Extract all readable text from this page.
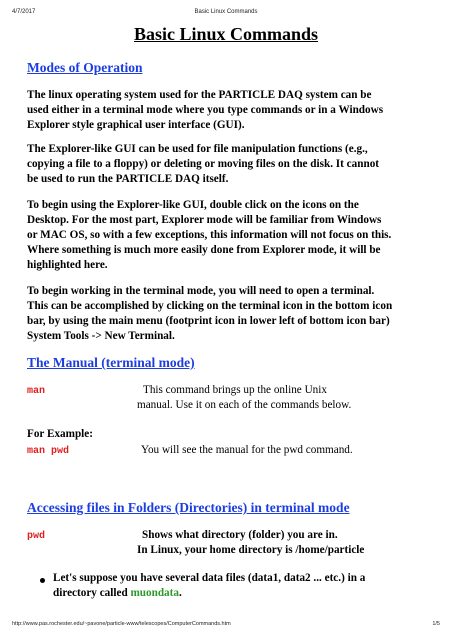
4/7/2017	Basic Linux Commands
Basic Linux Commands
Modes of Operation
The linux operating system used for the PARTICLE DAQ system can be
used either in a terminal mode where you type commands or in a Windows
Explorer style graphical user interface (GUI).
The Explorer-like GUI can be used for file manipulation functions (e.g.,
copying a file to a floppy) or deleting or moving files on the disk. It cannot
be used to run the PARTICLE DAQ itself.
To begin using the Explorer-like GUI, double click on the icons on the
Desktop. For the most part, Explorer mode will be familiar from Windows
or MAC OS, so with a few exceptions, this information will not focus on this.
Where something is much more easily done from Explorer mode, it will be
highlighted here.
To begin working in the terminal mode, you will need to open a terminal.
This can be accomplished by clicking on the terminal icon in the bottom icon
bar, by using the main menu (footprint icon in lower left of bottom icon bar)
System Tools -> New Terminal.
The Manual (terminal mode)
man	This command brings up the online Unix
manual. Use it on each of the commands below.
For Example:
man pwd	You will see the manual for the pwd command.
Accessing files in Folders (Directories) in terminal mode
pwd	Shows what directory (folder) you are in.
In Linux, your home directory is /home/particle
Let's suppose you have several data files (data1, data2 ... etc.) in a
directory called muondata.
http://www.pas.rochester.edu/~pavone/particle-www/telescopes/ComputerCommands.htm	1/5
